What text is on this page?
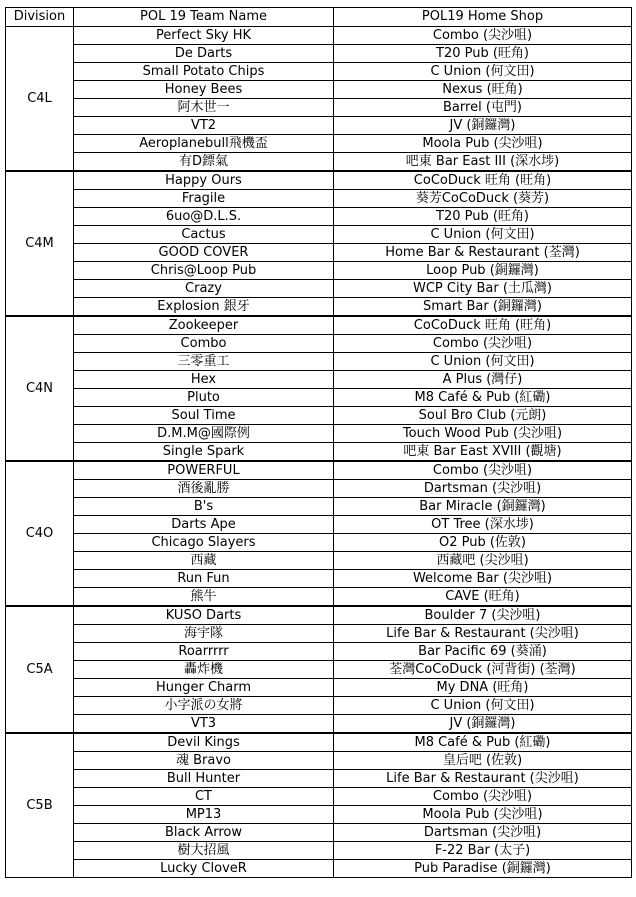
Division	POL 19 Team Name	POL19 Home Shop
C4L	Perfect Sky HK	Combo (尖沙咀)
	De Darts	T20 Pub (旺角)
	Small Potato Chips	C Union (何文田)
	Honey Bees	Nexus (旺角)
	阿木世一	Barrel (屯門)
	VT2	JV (銅鑼灣)
	Aeroplanebull飛機盃	Moola Pub (尖沙咀)
	有D鏢氣	吧東 Bar East III (深水埗)
C4M	Happy Ours	CoCoDuck 旺角 (旺角)
	Fragile	葵芳CoCoDuck (葵芳)
	6uo@D.L.S.	T20 Pub (旺角)
	Cactus	C Union (何文田)
	GOOD COVER	Home Bar & Restaurant (荃灣)
	Chris@Loop Pub	Loop Pub (銅鑼灣)
	Crazy	WCP City Bar (土瓜灣)
	Explosion 銀牙	Smart Bar (銅鑼灣)
C4N	Zookeeper	CoCoDuck 旺角 (旺角)
	Combo	Combo (尖沙咀)
	三零重工	C Union (何文田)
	Hex	A Plus (灣仔)
	Pluto	M8 Café & Pub (紅磡)
	Soul Time	Soul Bro Club (元朗)
	D.M.M@國際例	Touch Wood Pub (尖沙咀)
	Single Spark	吧東 Bar East XVIII (觀塘)
C4O	POWERFUL	Combo (尖沙咀)
	酒後亂勝	Dartsman (尖沙咀)
	B's	Bar Miracle (銅鑼灣)
	Darts Ape	OT Tree (深水埗)
	Chicago Slayers	O2 Pub (佐敦)
	西藏	西藏吧 (尖沙咀)
	Run Fun	Welcome Bar (尖沙咀)
	熊牛	CAVE (旺角)
C5A	KUSO Darts	Boulder 7 (尖沙咀)
	海宇隊	Life Bar & Restaurant (尖沙咀)
	Roarrrrr	Bar Pacific 69 (葵涌)
	轟炸機	荃灣CoCoDuck (河背街) (荃灣)
	Hunger Charm	My DNA (旺角)
	小字派の女將	C Union (何文田)
	VT3	JV (銅鑼灣)
C5B	Devil Kings	M8 Café & Pub (紅磡)
	魂 Bravo	皇后吧 (佐敦)
	Bull Hunter	Life Bar & Restaurant (尖沙咀)
	CT	Combo (尖沙咀)
	MP13	Moola Pub (尖沙咀)
	Black Arrow	Dartsman (尖沙咀)
	樹大招風	F-22 Bar (太子)
	Lucky CloveR	Pub Paradise (銅鑼灣)
